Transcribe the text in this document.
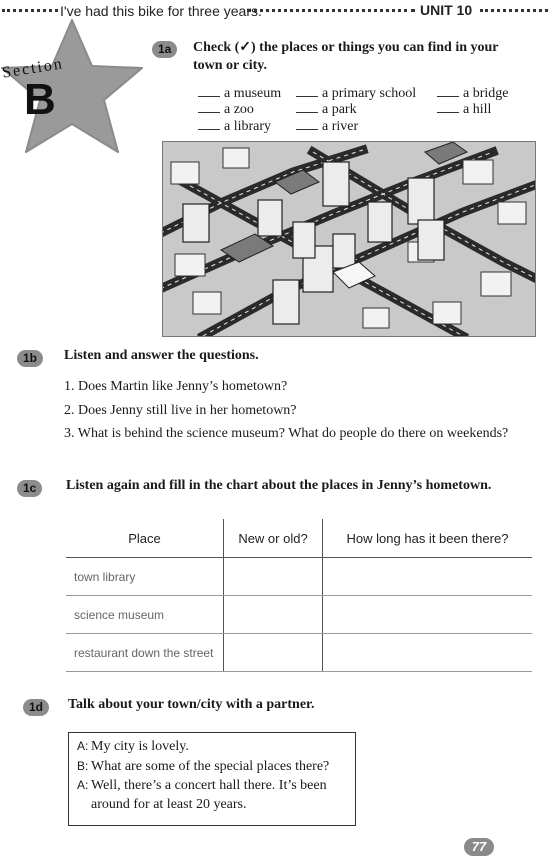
I've had this bike for three years.	UNIT 10
Section
B
1a	Check (✓) the places or things you can find in your
town or city.
a museum	a primary school	a bridge
a zoo	a park	a hill
a library	a river
1b	Listen and answer the questions.
1. Does Martin like Jenny’s hometown?
2. Does Jenny still live in her hometown?
3. What is behind the science museum? What do people do there on weekends?
1c	Listen again and fill in the chart about the places in Jenny’s hometown.
Place	New or old?	How long has it been there?
town library		
science museum		
restaurant down the street		
1d	Talk about your town/city with a partner.
A: My city is lovely.
B: What are some of the special places there?
A: Well, there’s a concert hall there. It’s been
around for at least 20 years.
77
